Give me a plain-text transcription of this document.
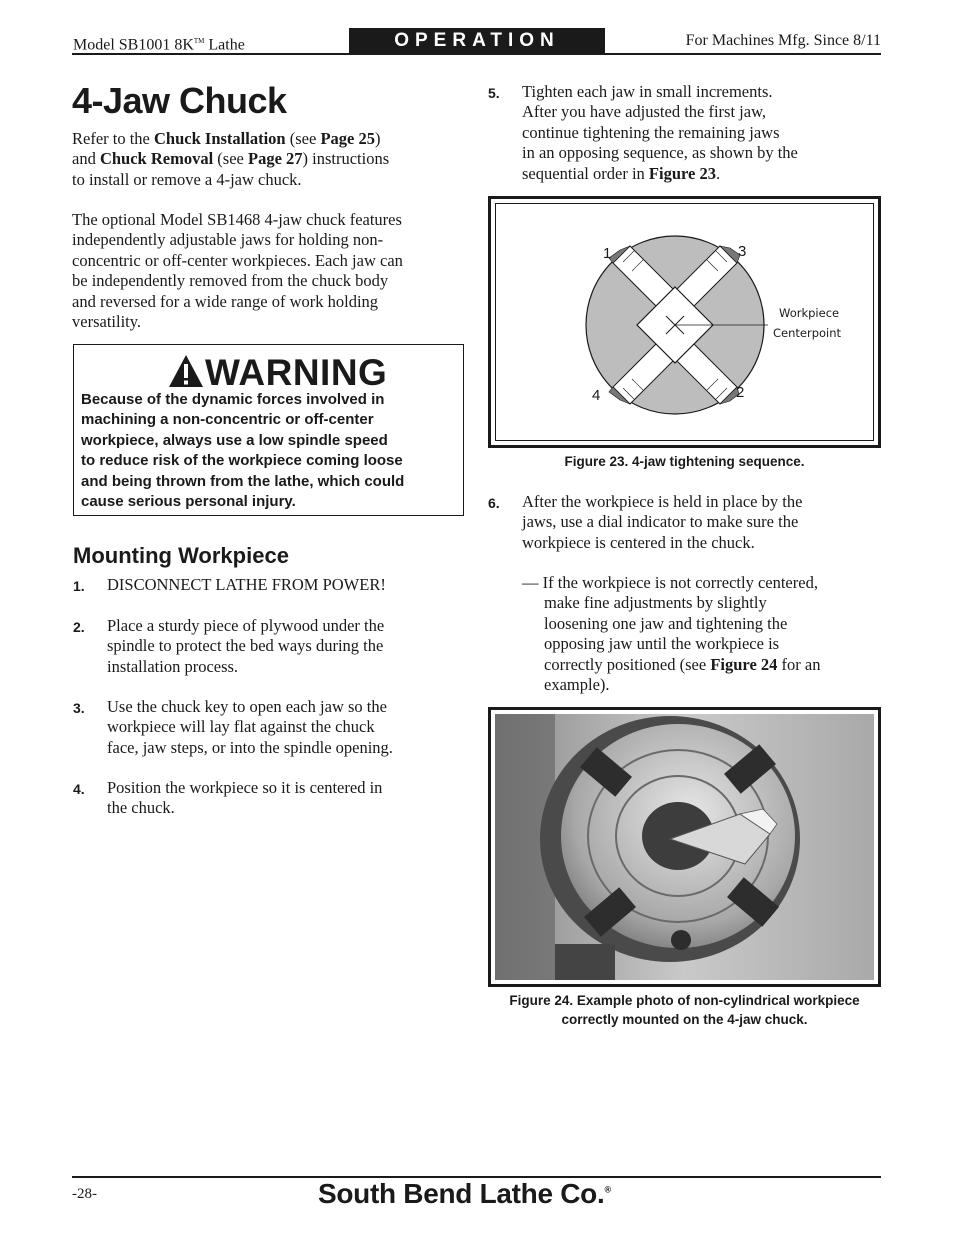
Model SB1001 8K™ Lathe	OPERATION	For Machines Mfg. Since 8/11
4-Jaw Chuck
Refer to the Chuck Installation (see Page 25)
and Chuck Removal (see Page 27) instructions
to install or remove a 4-jaw chuck.
The optional Model SB1468 4-jaw chuck features
independently adjustable jaws for holding non-
concentric or off-center workpieces. Each jaw can
be independently removed from the chuck body
and reversed for a wide range of work holding
versatility.
WARNING
Because of the dynamic forces involved in
machining a non-concentric or off-center
workpiece, always use a low spindle speed
to reduce risk of the workpiece coming loose
and being thrown from the lathe, which could
cause serious personal injury.
Mounting Workpiece
1. DISCONNECT LATHE FROM POWER!
2. Place a sturdy piece of plywood under the
spindle to protect the bed ways during the
installation process.
3. Use the chuck key to open each jaw so the
workpiece will lay flat against the chuck
face, jaw steps, or into the spindle opening.
4. Position the workpiece so it is centered in
the chuck.
5. Tighten each jaw in small increments.
After you have adjusted the first jaw,
continue tightening the remaining jaws
in an opposing sequence, as shown by the
sequential order in Figure 23.
1	3
4	2
Workpiece
Centerpoint
Figure 23. 4-jaw tightening sequence.
6. After the workpiece is held in place by the
jaws, use a dial indicator to make sure the
workpiece is centered in the chuck.
— If the workpiece is not correctly centered,
make fine adjustments by slightly
loosening one jaw and tightening the
opposing jaw until the workpiece is
correctly positioned (see Figure 24 for an
example).
Figure 24. Example photo of non-cylindrical workpiece
correctly mounted on the 4-jaw chuck.
-28-	South Bend Lathe Co.®
